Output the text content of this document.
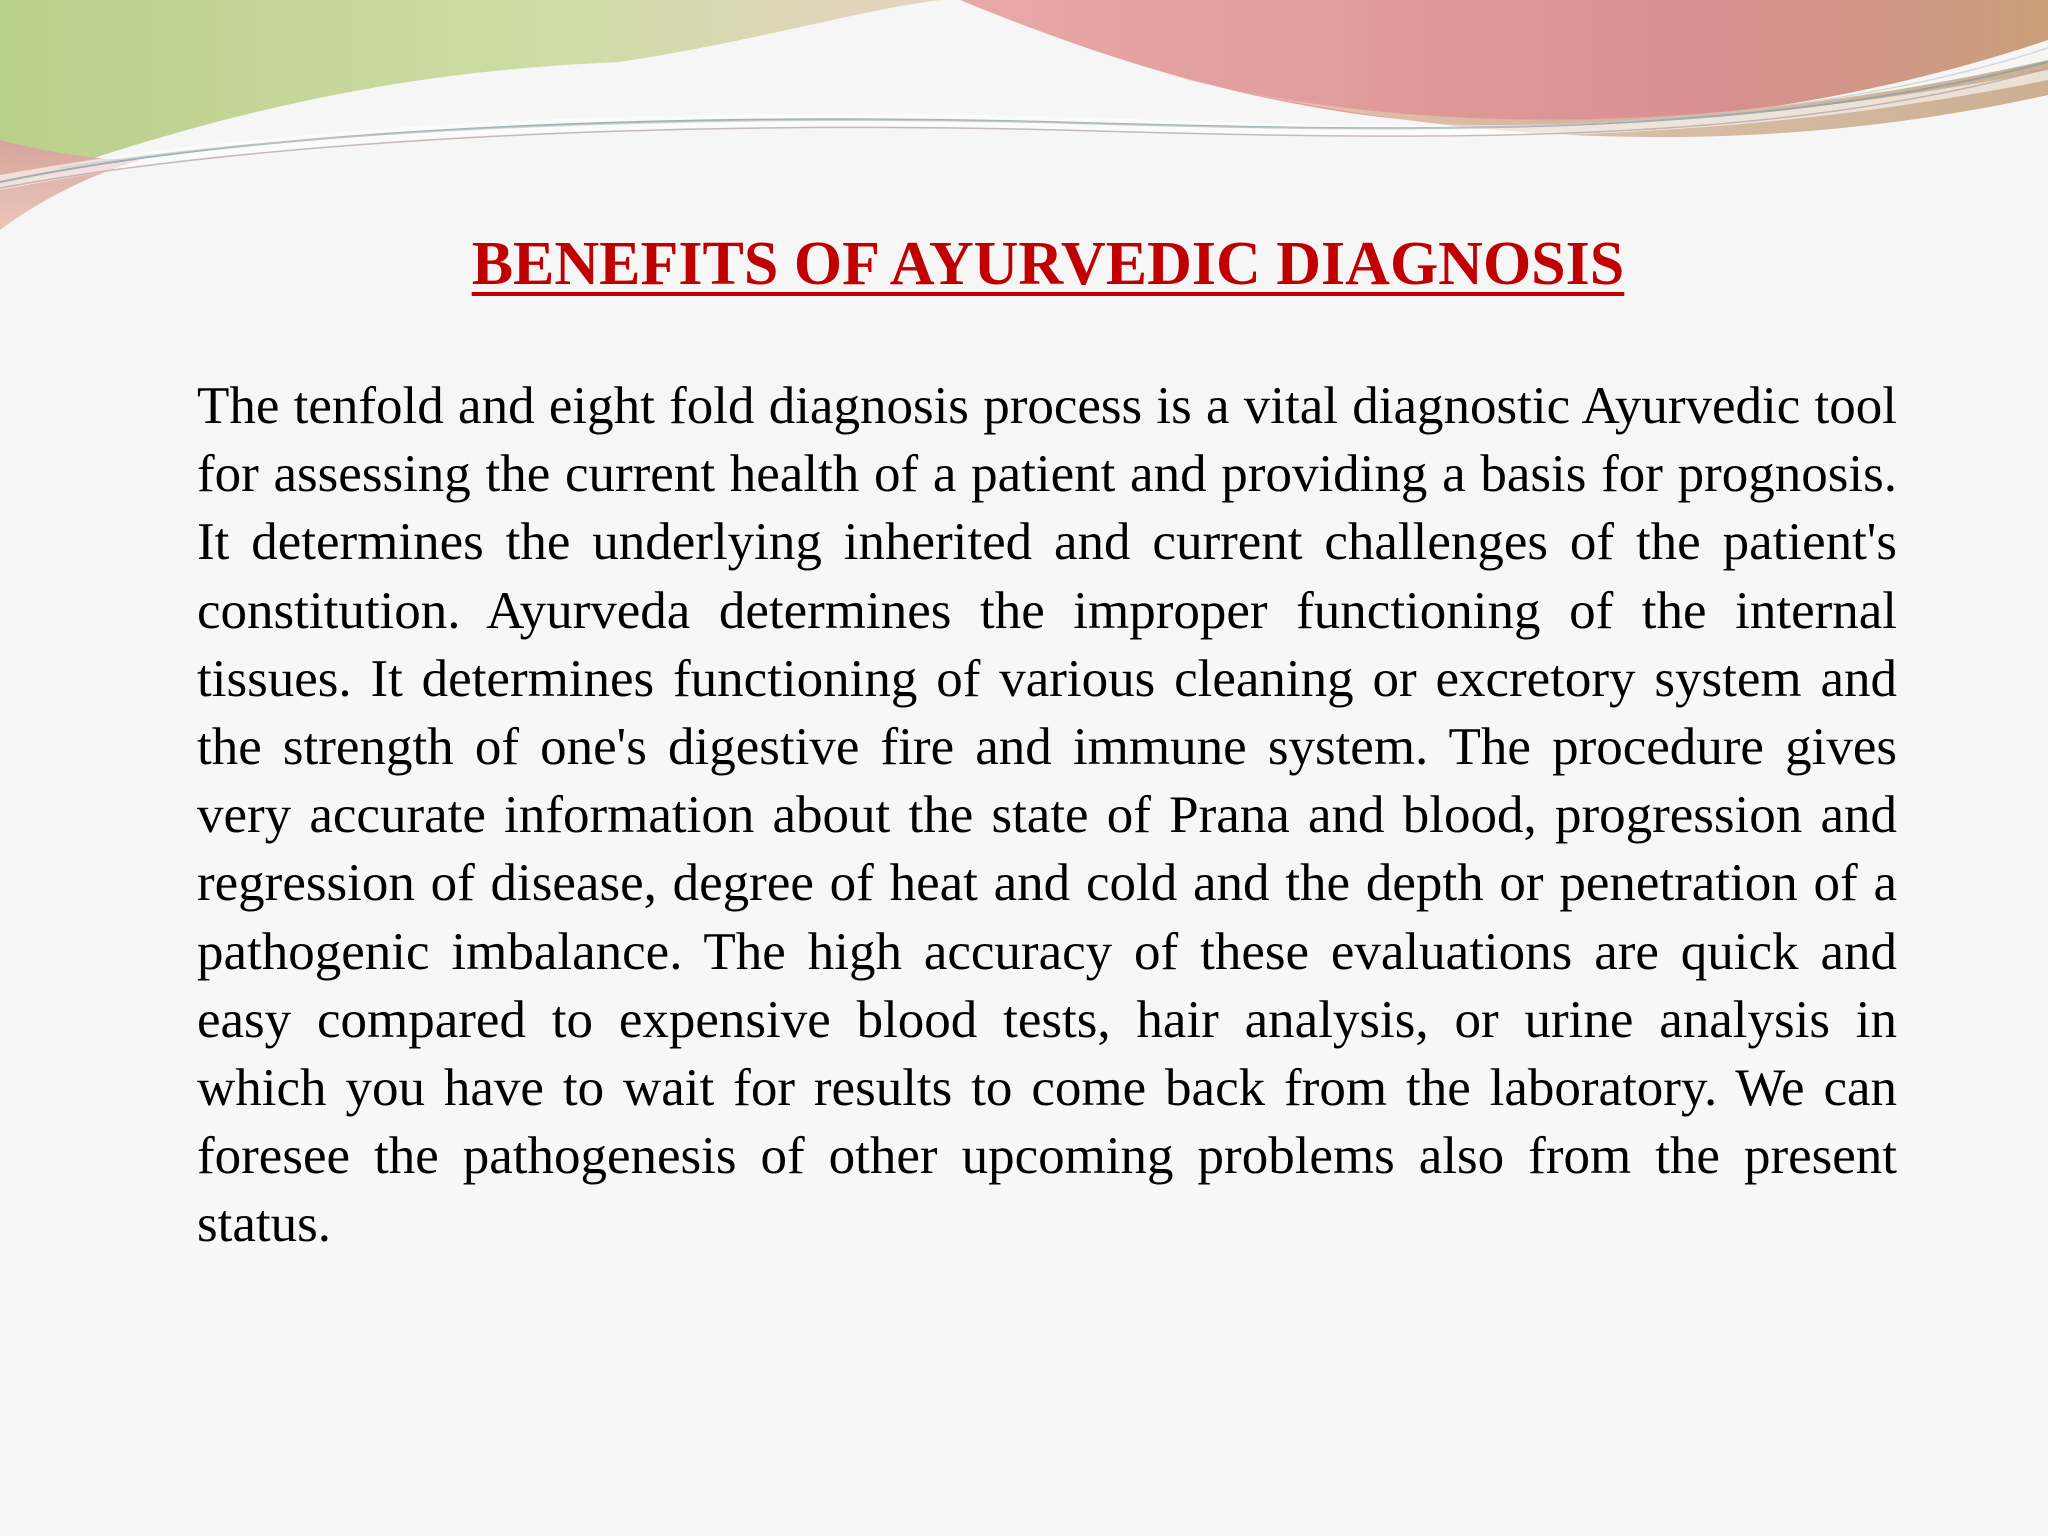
BENEFITS OF AYURVEDIC DIAGNOSIS

The tenfold and eight fold diagnosis process is a vital diagnostic Ayurvedic tool for assessing the current health of a patient and providing a basis for prognosis. It determines the underlying inherited and current challenges of the patient's constitution. Ayurveda determines the improper functioning of the internal tissues. It determines functioning of various cleaning or excretory system and the strength of one's digestive fire and immune system. The procedure gives very accurate information about the state of Prana and blood, progression and regression of disease, degree of heat and cold and the depth or penetration of a pathogenic imbalance. The high accuracy of these evaluations are quick and easy compared to expensive blood tests, hair analysis, or urine analysis in which you have to wait for results to come back from the laboratory. We can foresee the pathogenesis of other upcoming problems also from the present status.
